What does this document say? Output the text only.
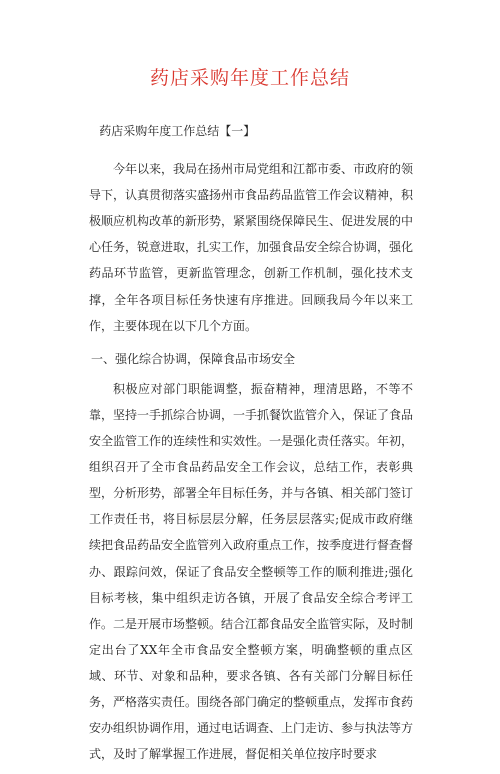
药店采购年度工作总结

药店采购年度工作总结【一】

今年以来，我局在扬州市局党组和江都市委、市政府的领导下，认真贯彻落实盛扬州市食品药品监管工作会议精神，积极顺应机构改革的新形势，紧紧围绕保障民生、促进发展的中心任务，锐意进取，扎实工作，加强食品安全综合协调，强化药品环节监管，更新监管理念，创新工作机制，强化技术支撑，全年各项目标任务快速有序推进。回顾我局今年以来工作，主要体现在以下几个方面。

一、强化综合协调，保障食品市场安全

积极应对部门职能调整，振奋精神，理清思路，不等不靠，坚持一手抓综合协调，一手抓餐饮监管介入，保证了食品安全监管工作的连续性和实效性。一是强化责任落实。年初，组织召开了全市食品药品安全工作会议，总结工作，表彰典型，分析形势，部署全年目标任务，并与各镇、相关部门签订工作责任书，将目标层层分解，任务层层落实;促成市政府继续把食品药品安全监管列入政府重点工作，按季度进行督查督办、跟踪问效，保证了食品安全整顿等工作的顺利推进;强化目标考核，集中组织走访各镇，开展了食品安全综合考评工作。二是开展市场整顿。结合江都食品安全监管实际，及时制定出台了XX年全市食品安全整顿方案，明确整顿的重点区域、环节、对象和品种，要求各镇、各有关部门分解目标任务，严格落实责任。围绕各部门确定的整顿重点，发挥市食药安办组织协调作用，通过电话调查、上门走访、参与执法等方式，及时了解掌握工作进展，督促相关单位按序时要求
